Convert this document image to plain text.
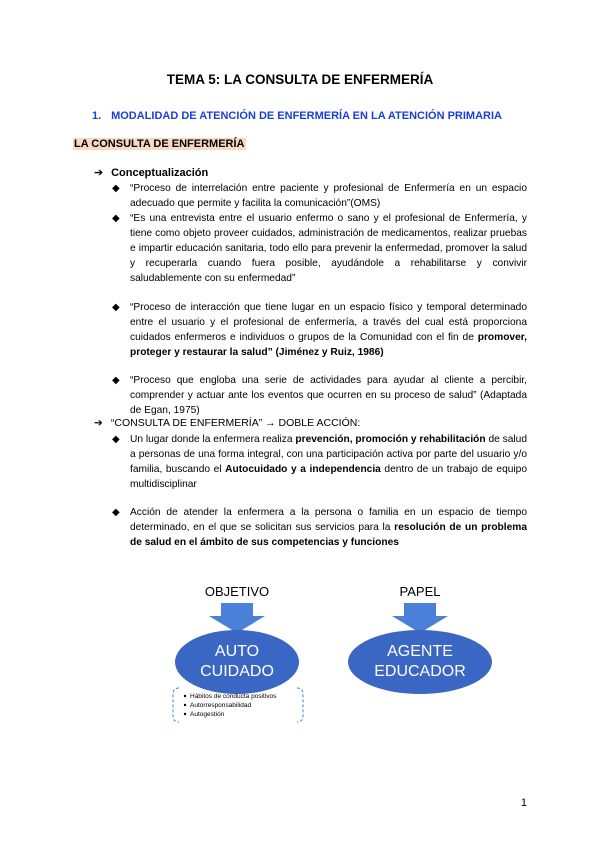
TEMA 5: LA CONSULTA DE ENFERMERÍA
1. MODALIDAD DE ATENCIÓN DE ENFERMERÍA EN LA ATENCIÓN PRIMARIA
LA CONSULTA DE ENFERMERÍA
➔ Conceptualización
◆ “Proceso de interrelación entre paciente y profesional de Enfermería en un espacio adecuado que permite y facilita la comunicación”(OMS)
◆ “Es una entrevista entre el usuario enfermo o sano y el profesional de Enfermería, y tiene como objeto proveer cuidados, administración de medicamentos, realizar pruebas e impartir educación sanitaria, todo ello para prevenir la enfermedad, promover la salud y recuperarla cuando fuera posible, ayudándole a rehabilitarse y convivir saludablemente con su enfermedad”
◆ “Proceso de interacción que tiene lugar en un espacio físico y temporal determinado entre el usuario y el profesional de enfermería, a través del cual está proporciona cuidados enfermeros e individuos o grupos de la Comunidad con el fin de promover, proteger y restaurar la salud” (Jiménez y Ruiz, 1986)
◆ “Proceso que engloba una serie de actividades para ayudar al cliente a percibir, comprender y actuar ante los eventos que ocurren en su proceso de salud” (Adaptada de Egan, 1975)
➔ “CONSULTA DE ENFERMERÍA” → DOBLE ACCIÓN:
◆ Un lugar donde la enfermera realiza prevención, promoción y rehabilitación de salud a personas de una forma integral, con una participación activa por parte del usuario y/o familia, buscando el Autocuidado y a independencia dentro de un trabajo de equipo multidisciplinar
◆ Acción de atender la enfermera a la persona o familia en un espacio de tiempo determinado, en el que se solicitan sus servicios para la resolución de un problema de salud en el ámbito de sus competencias y funciones
OBJETIVO
AUTO
CUIDADO
PAPEL
AGENTE
EDUCADOR
Hábitos de conducta positivos
Autorresponsabilidad
Autogestión
1
